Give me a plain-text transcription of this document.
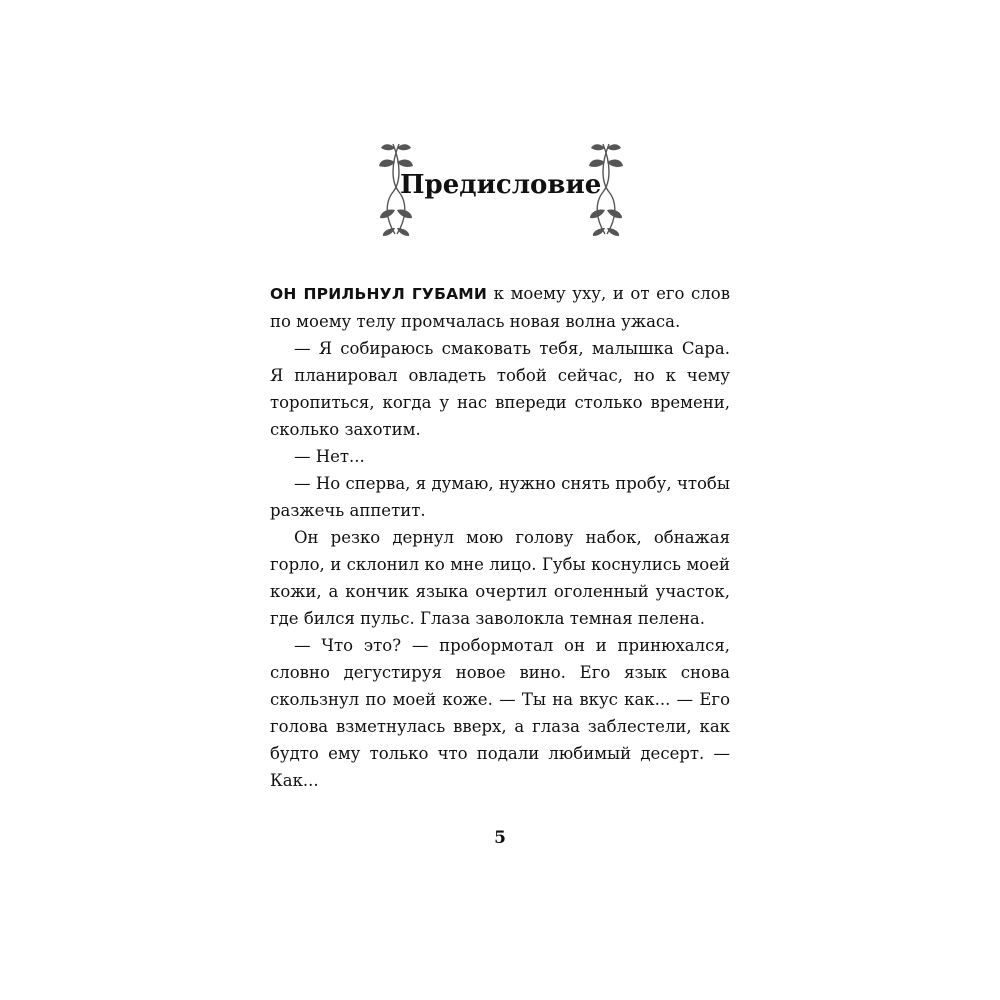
Предисловие

ОН ПРИЛЬНУЛ ГУБАМИ к моему уху, и от его слов по моему телу промчалась новая волна ужаса.

— Я собираюсь смаковать тебя, малышка Сара. Я планировал овладеть тобой сейчас, но к чему торопиться, когда у нас впереди столько времени, сколько захотим.

— Нет...

— Но сперва, я думаю, нужно снять пробу, чтобы разжечь аппетит.

Он резко дернул мою голову набок, обнажая горло, и склонил ко мне лицо. Губы коснулись моей кожи, а кончик языка очертил оголенный участок, где бился пульс. Глаза заволокла темная пелена.

— Что это? — пробормотал он и принюхался, словно дегустируя новое вино. Его язык снова скользнул по моей коже. — Ты на вкус как... — Его голова взметнулась вверх, а глаза заблестели, как будто ему только что подали любимый десерт. — Как...

5
